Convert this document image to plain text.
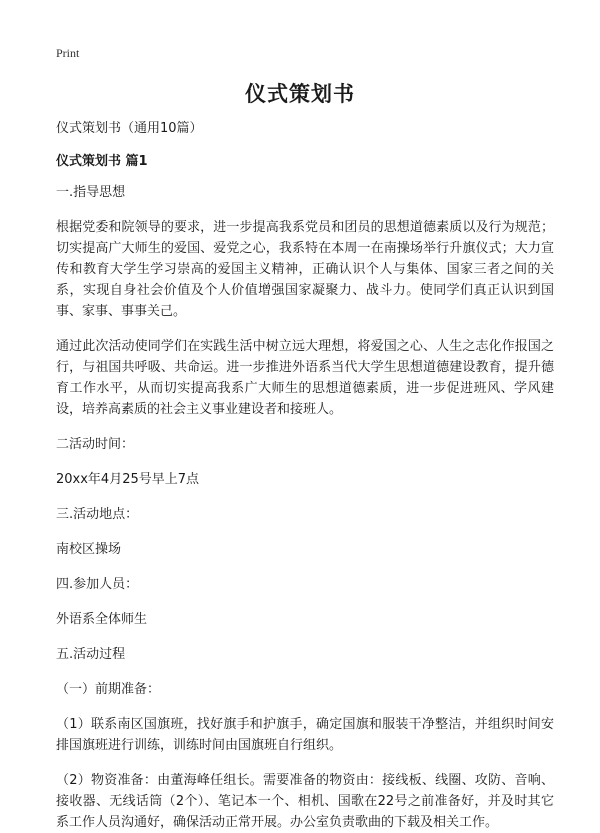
Print
仪式策划书

仪式策划书（通用10篇）

仪式策划书 篇1

一.指导思想

根据党委和院领导的要求，进一步提高我系党员和团员的思想道德素质以及行为规范；切实提高广大师生的爱国、爱党之心，我系特在本周一在南操场举行升旗仪式；大力宣传和教育大学生学习崇高的爱国主义精神，正确认识个人与集体、国家三者之间的关系，实现自身社会价值及个人价值增强国家凝聚力、战斗力。使同学们真正认识到国事、家事、事事关己。

通过此次活动使同学们在实践生活中树立远大理想，将爱国之心、人生之志化作报国之行，与祖国共呼吸、共命运。进一步推进外语系当代大学生思想道德建设教育，提升德育工作水平，从而切实提高我系广大师生的思想道德素质，进一步促进班风、学风建设，培养高素质的社会主义事业建设者和接班人。

二活动时间：

20xx年4月25号早上7点

三.活动地点：

南校区操场

四.参加人员：

外语系全体师生

五.活动过程

（一）前期准备：

（1）联系南区国旗班，找好旗手和护旗手，确定国旗和服装干净整洁，并组织时间安排国旗班进行训练，训练时间由国旗班自行组织。

（2）物资准备：由董海峰任组长。需要准备的物资由：接线板、线圈、攻防、音响、接收器、无线话筒（2个）、笔记本一个、相机、国歌在22号之前准备好，并及时其它系工作人员沟通好，确保活动正常开展。办公室负责歌曲的下载及相关工作。
